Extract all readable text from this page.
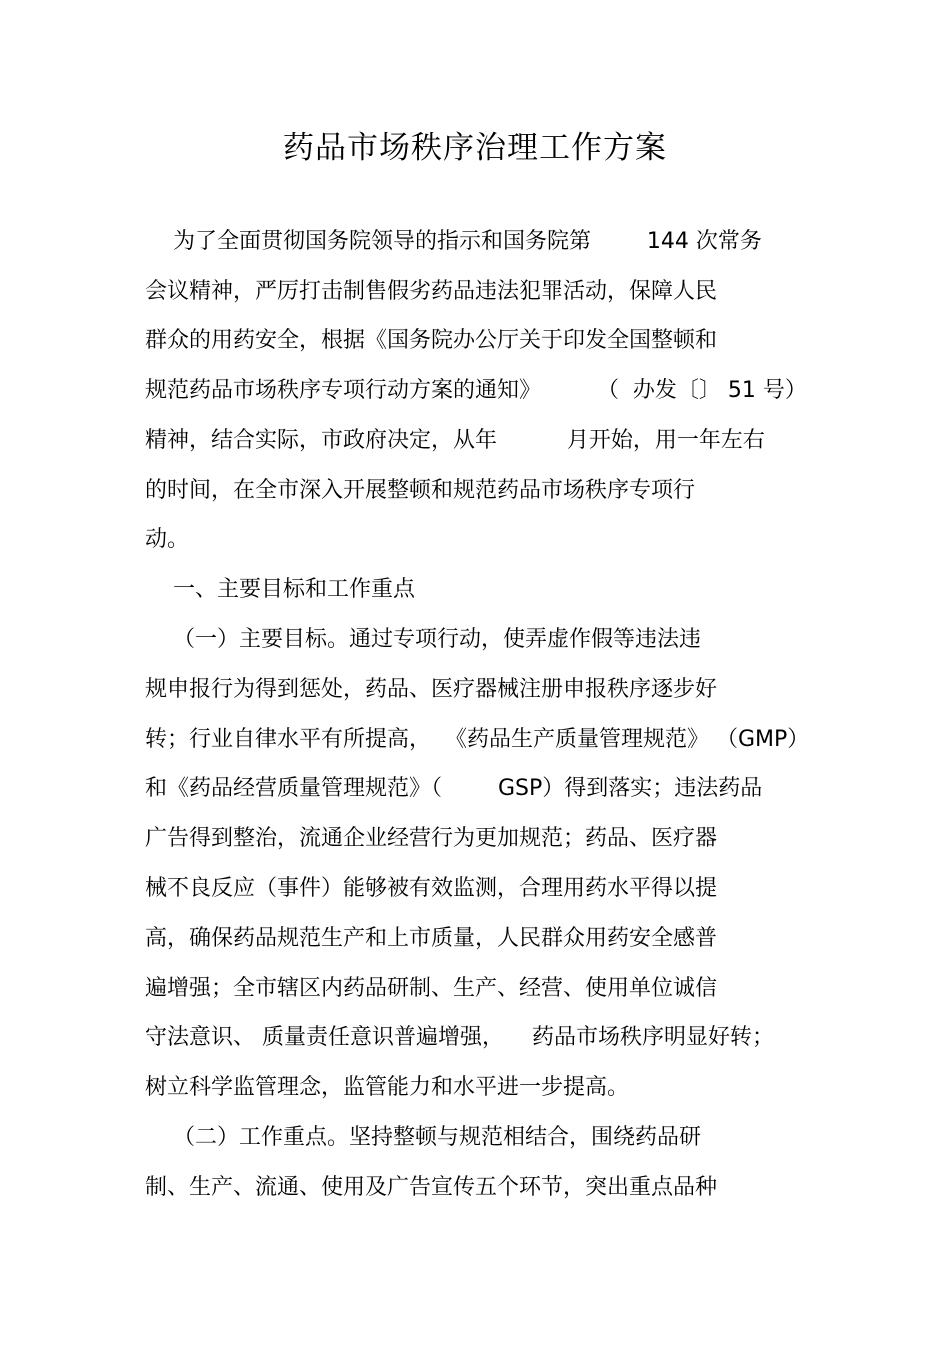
药品市场秩序治理工作方案
为了全面贯彻国务院领导的指示和国务院第        144 次常务
会议精神，严厉打击制售假劣药品违法犯罪活动，保障人民
群众的用药安全，根据《国务院办公厅关于印发全国整顿和
规范药品市场秩序专项行动方案的通知》        （  办发〔〕 51 号）
精神，结合实际，市政府决定，从年          月开始，用一年左右
的时间，在全市深入开展整顿和规范药品市场秩序专项行
动。
一、主要目标和工作重点
（一）主要目标。通过专项行动，使弄虚作假等违法违
规申报行为得到惩处，药品、医疗器械注册申报秩序逐步好
转；行业自律水平有所提高，  《药品生产质量管理规范》 （GMP）
和《药品经营质量管理规范》（        GSP）得到落实；违法药品
广告得到整治，流通企业经营行为更加规范；药品、医疗器
械不良反应（事件）能够被有效监测，合理用药水平得以提
高，确保药品规范生产和上市质量，人民群众用药安全感普
遍增强；全市辖区内药品研制、生产、经营、使用单位诚信
守法意识、 质量责任意识普遍增强，    药品市场秩序明显好转；
树立科学监管理念，监管能力和水平进一步提高。
（二）工作重点。坚持整顿与规范相结合，围绕药品研
制、生产、流通、使用及广告宣传五个环节，突出重点品种
